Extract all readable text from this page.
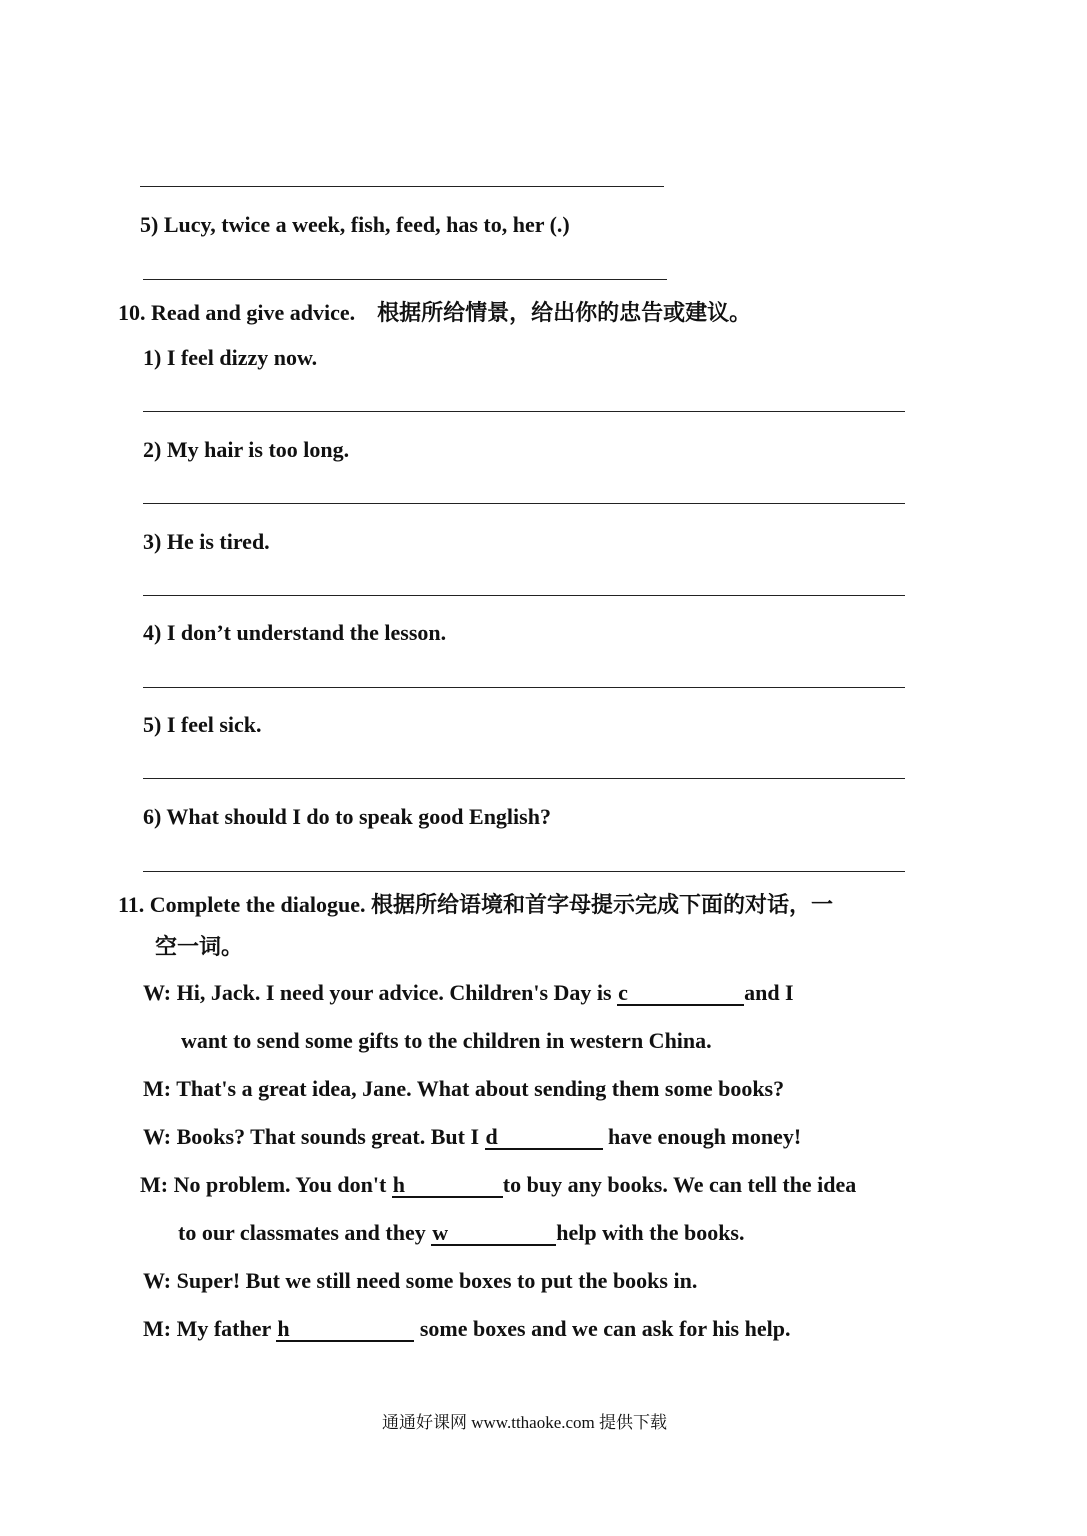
5) Lucy, twice a week, fish, feed, has to, her (.)
10. Read and give advice.　根据所给情景，给出你的忠告或建议。
1) I feel dizzy now.
2) My hair is too long.
3) He is tired.
4) I don’t understand the lesson.
5) I feel sick.
6) What should I do to speak good English?
11. Complete the dialogue. 根据所给语境和首字母提示完成下面的对话，一
空一词。
W: Hi, Jack. I need your advice. Children's Day is c	and I
want to send some gifts to the children in western China.
M: That's a great idea, Jane. What about sending them some books?
W: Books? That sounds great. But I d	have enough money!
M: No problem. You don't h	to buy any books. We can tell the idea
to our classmates and they w	help with the books.
W: Super! But we still need some boxes to put the books in.
M: My father h	some boxes and we can ask for his help.
通通好课网 www.tthaoke.com 提供下载
